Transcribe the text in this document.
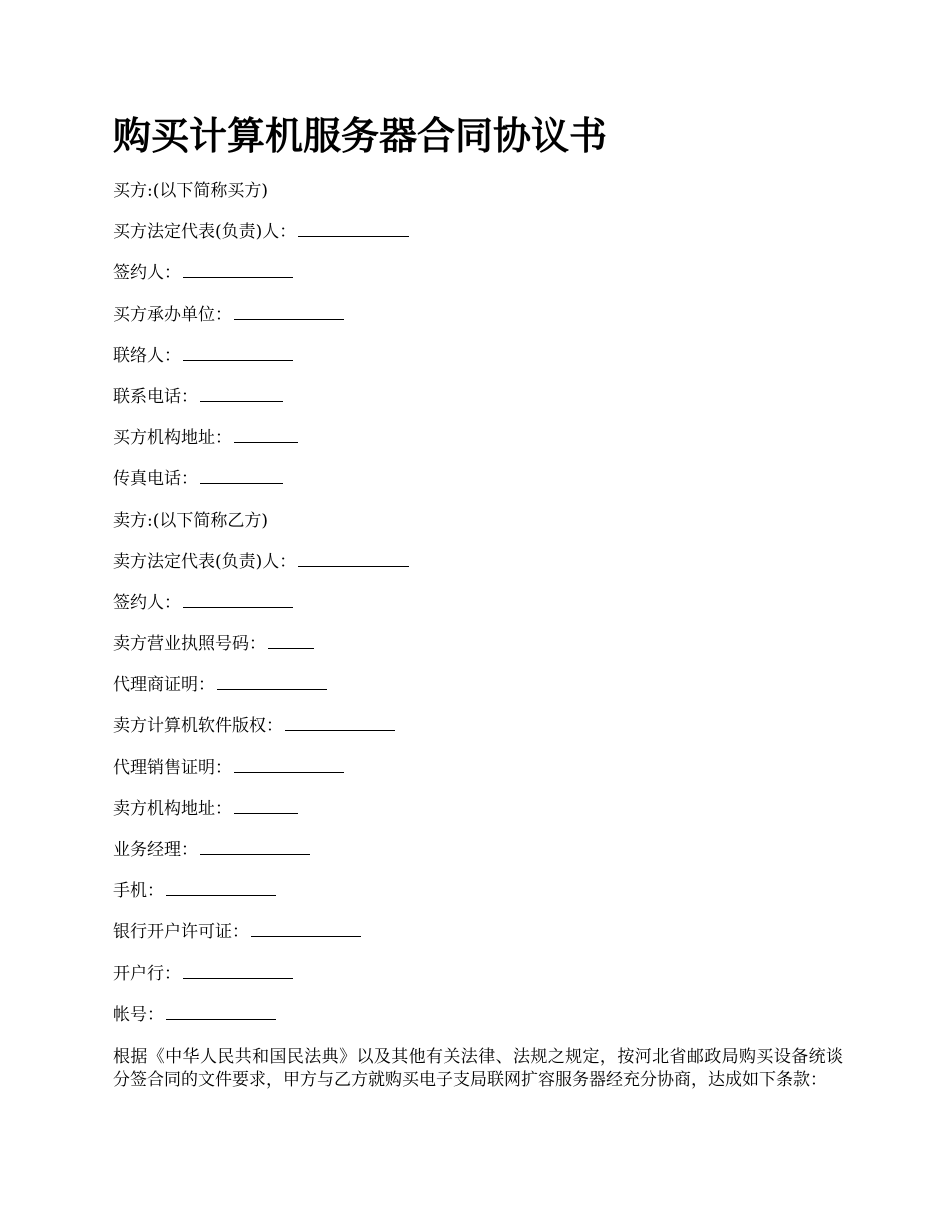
购买计算机服务器合同协议书
买方:(以下简称买方)
买方法定代表(负责)人：
签约人：
买方承办单位：
联络人：
联系电话：
买方机构地址：
传真电话：
卖方:(以下简称乙方)
卖方法定代表(负责)人：
签约人：
卖方营业执照号码：
代理商证明：
卖方计算机软件版权：
代理销售证明：
卖方机构地址：
业务经理：
手机：
银行开户许可证：
开户行：
帐号：

根据《中华人民共和国民法典》以及其他有关法律、法规之规定，按河北省邮政局购买设备统谈分签合同的文件要求，甲方与乙方就购买电子支局联网扩容服务器经充分协商，达成如下条款：
